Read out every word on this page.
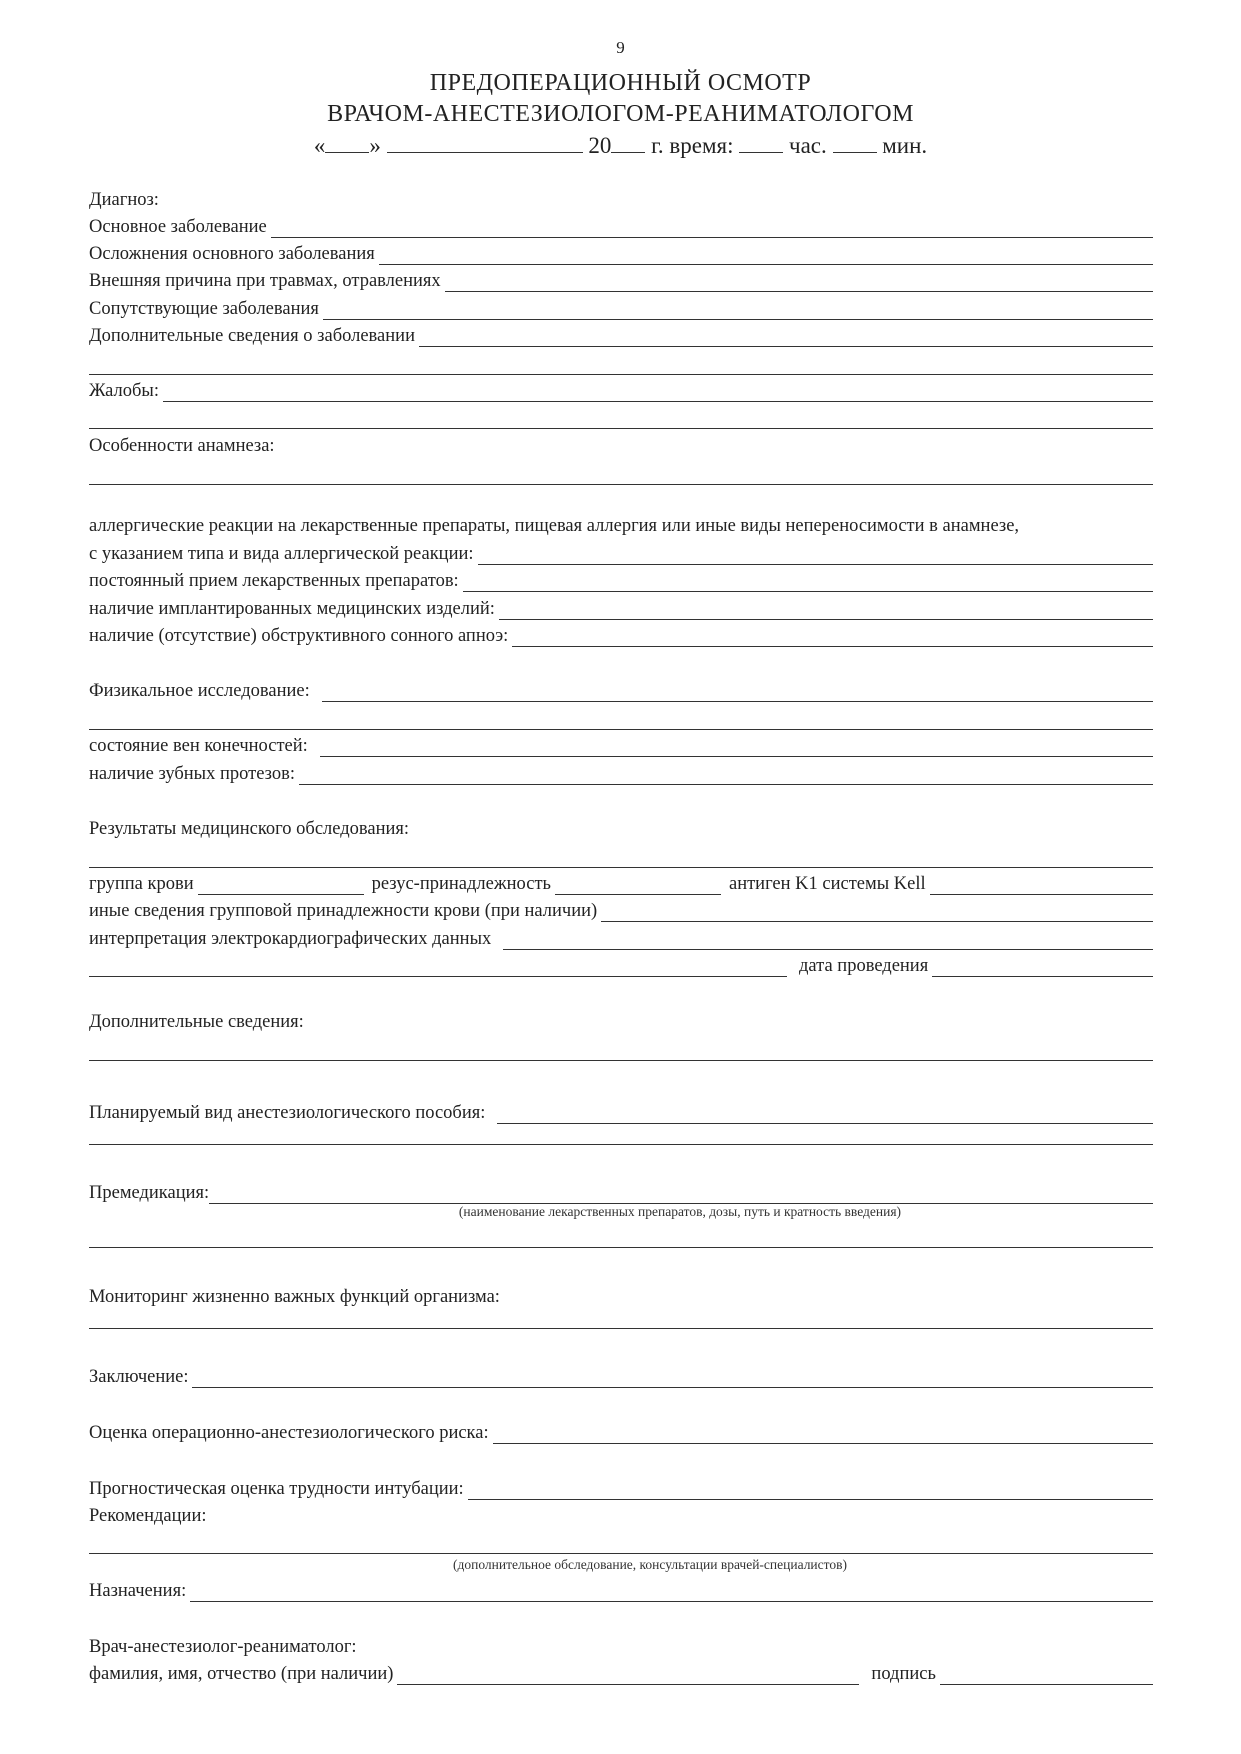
9
ПРЕДОПЕРАЦИОННЫЙ ОСМОТР
ВРАЧОМ-АНЕСТЕЗИОЛОГОМ-РЕАНИМАТОЛОГОМ
« »	20 г. время: час. мин.
Диагноз:
Основное заболевание
Осложнения основного заболевания
Внешняя причина при травмах, отравлениях
Сопутствующие заболевания
Дополнительные сведения о заболевании
Жалобы:
Особенности анамнеза:
аллергические реакции на лекарственные препараты, пищевая аллергия или иные виды непереносимости в анамнезе,
с указанием типа и вида аллергической реакции:
постоянный прием лекарственных препаратов:
наличие имплантированных медицинских изделий:
наличие (отсутствие) обструктивного сонного апноэ:
Физикальное исследование:
состояние вен конечностей:
наличие зубных протезов:
Результаты медицинского обследования:
группа крови	резус-принадлежность	антиген K1 системы Kell
иные сведения групповой принадлежности крови (при наличии)
интерпретация электрокардиографических данных
дата проведения
Дополнительные сведения:
Планируемый вид анестезиологического пособия:
Премедикация:
(наименование лекарственных препаратов, дозы, путь и кратность введения)
Мониторинг жизненно важных функций организма:
Заключение:
Оценка операционно-анестезиологического риска:
Прогностическая оценка трудности интубации:
Рекомендации:
(дополнительное обследование, консультации врачей-специалистов)
Назначения:
Врач-анестезиолог-реаниматолог:
фамилия, имя, отчество (при наличии)	подпись
